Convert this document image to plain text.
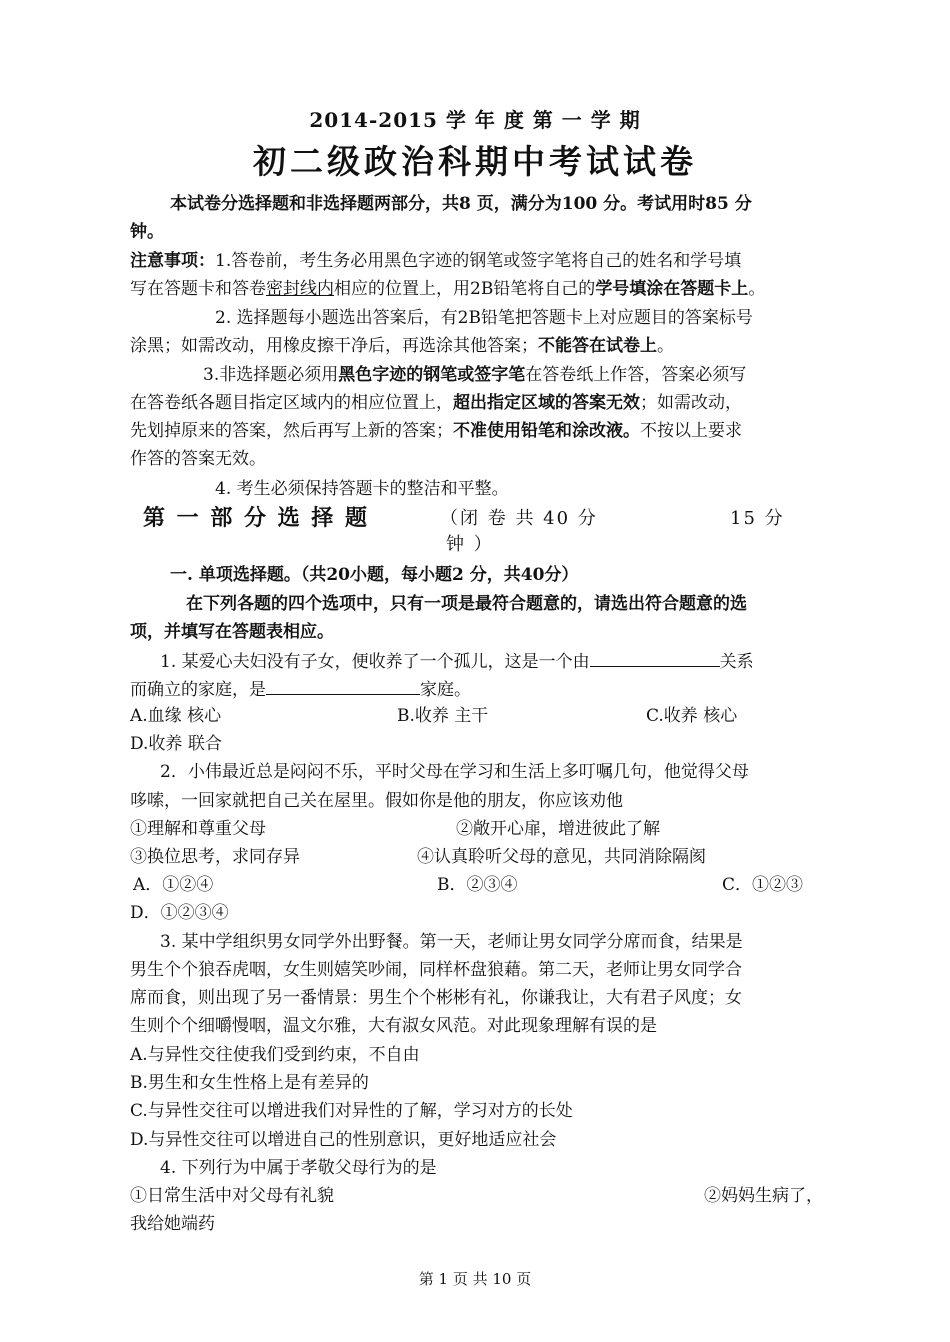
2014-2015 学 年 度 第 一 学 期
初二级政治科期中考试试卷
本试卷分选择题和非选择题两部分，共8 页，满分为100 分。考试用时85 分
钟。
注意事项：1.答卷前，考生务必用黑色字迹的钢笔或签字笔将自己的姓名和学号填
写在答题卡和答卷密封线内相应的位置上，用2B铅笔将自己的学号填涂在答题卡上。
2. 选择题每小题选出答案后，有2B铅笔把答题卡上对应题目的答案标号
涂黑；如需改动，用橡皮擦干净后，再选涂其他答案；不能答在试卷上。
3.非选择题必须用黑色字迹的钢笔或签字笔在答卷纸上作答，答案必须写
在答卷纸各题目指定区域内的相应位置上，超出指定区域的答案无效；如需改动，
先划掉原来的答案，然后再写上新的答案；不准使用铅笔和涂改液。不按以上要求
作答的答案无效。
4. 考生必须保持答题卡的整洁和平整。
第 一 部 分 选 择 题	（闭 卷 共 40 分	15 分
钟 ）
一. 单项选择题。（共20小题，每小题2 分，共40分）
在下列各题的四个选项中，只有一项是最符合题意的，请选出符合题意的选
项，并填写在答题表相应。
1. 某爱心夫妇没有子女，便收养了一个孤儿，这是一个由	关系
而确立的家庭，是	家庭。
A.血缘 核心	B.收养 主干	C.收养 核心
D.收养 联合
2．小伟最近总是闷闷不乐，平时父母在学习和生活上多叮嘱几句，他觉得父母
哆嗦，一回家就把自己关在屋里。假如你是他的朋友，你应该劝他
①理解和尊重父母	②敞开心扉，增进彼此了解
③换位思考，求同存异	④认真聆听父母的意见，共同消除隔阂
A．①②④	B．②③④	C．①②③
D．①②③④
3. 某中学组织男女同学外出野餐。第一天，老师让男女同学分席而食，结果是
男生个个狼吞虎咽，女生则嬉笑吵闹，同样杯盘狼藉。第二天，老师让男女同学合
席而食，则出现了另一番情景：男生个个彬彬有礼，你谦我让，大有君子风度；女
生则个个细嚼慢咽，温文尔雅，大有淑女风范。对此现象理解有误的是
A.与异性交往使我们受到约束，不自由
B.男生和女生性格上是有差异的
C.与异性交往可以增进我们对异性的了解，学习对方的长处
D.与异性交往可以增进自己的性别意识，更好地适应社会
4. 下列行为中属于孝敬父母行为的是
①日常生活中对父母有礼貌	②妈妈生病了，
我给她端药
第 1 页 共 10 页
